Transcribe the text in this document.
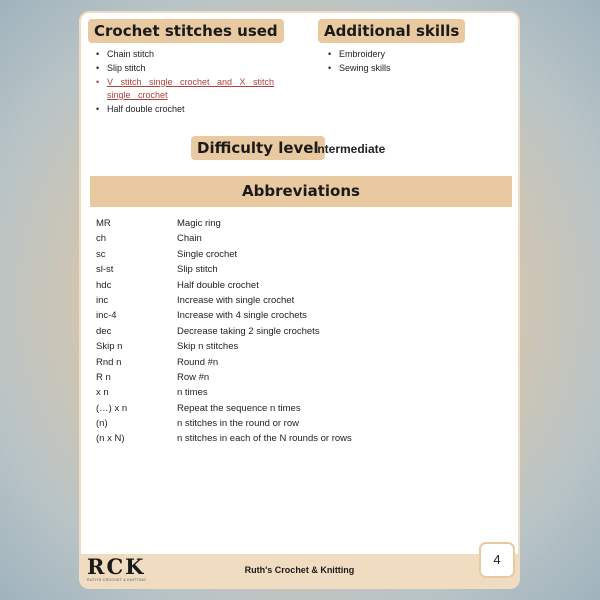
Crochet stitches used
• Chain stitch
• Slip stitch
• V stitch single crochet and X stitch single crochet
• Half double crochet
Additional skills
• Embroidery
• Sewing skills
Difficulty level
Intermediate
Abbreviations
MR	Magic ring
ch	Chain
sc	Single crochet
sl-st	Slip stitch
hdc	Half double crochet
inc	Increase with single crochet
inc-4	Increase with 4 single crochets
dec	Decrease taking 2 single crochets
Skip n	Skip n stitches
Rnd n	Round #n
R n	Row #n
x n	n times
(…) x n	Repeat the sequence n times
(n)	n stitches in the round or row
(n x N)	n stitches in each of the N rounds or rows
RCK
RUTH'S CROCHET & KNITTING
Ruth's Crochet & Knitting
4
